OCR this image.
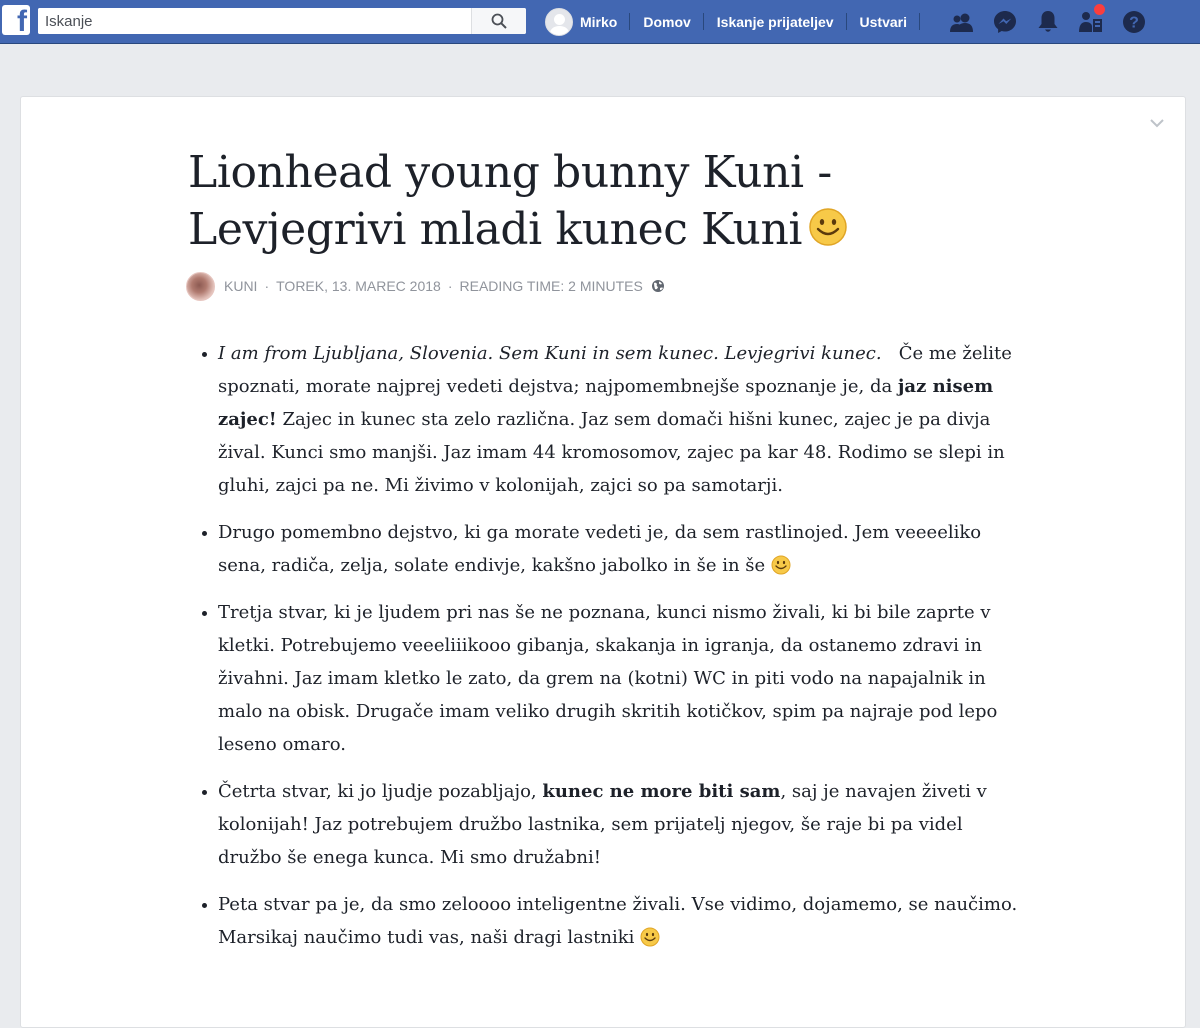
f
Iskanje	Mirko Domov Iskanje prijateljev Ustvari	?
Lionhead young bunny Kuni - Levjegrivi mladi kunec Kuni
KUNI · TOREK, 13. MAREC 2018 · READING TIME: 2 MINUTES
• I am from Ljubljana, Slovenia. Sem Kuni in sem kunec. Levjegrivi kunec. Če me želite spoznati, morate najprej vedeti dejstva; najpomembnejše spoznanje je, da jaz nisem zajec! Zajec in kunec sta zelo različna. Jaz sem domači hišni kunec, zajec je pa divja žival. Kunci smo manjši. Jaz imam 44 kromosomov, zajec pa kar 48. Rodimo se slepi in gluhi, zajci pa ne. Mi živimo v kolonijah, zajci so pa samotarji.
• Drugo pomembno dejstvo, ki ga morate vedeti je, da sem rastlinojed. Jem veeeeliko sena, radiča, zelja, solate endivje, kakšno jabolko in še in še
• Tretja stvar, ki je ljudem pri nas še ne poznana, kunci nismo živali, ki bi bile zaprte v kletki. Potrebujemo veeeliiikooo gibanja, skakanja in igranja, da ostanemo zdravi in živahni. Jaz imam kletko le zato, da grem na (kotni) WC in piti vodo na napajalnik in malo na obisk. Drugače imam veliko drugih skritih kotičkov, spim pa najraje pod lepo leseno omaro.
• Četrta stvar, ki jo ljudje pozabljajo, kunec ne more biti sam, saj je navajen živeti v kolonijah! Jaz potrebujem družbo lastnika, sem prijatelj njegov, še raje bi pa videl družbo še enega kunca. Mi smo družabni!
• Peta stvar pa je, da smo zeloooo inteligentne živali. Vse vidimo, dojamemo, se naučimo. Marsikaj naučimo tudi vas, naši dragi lastniki
